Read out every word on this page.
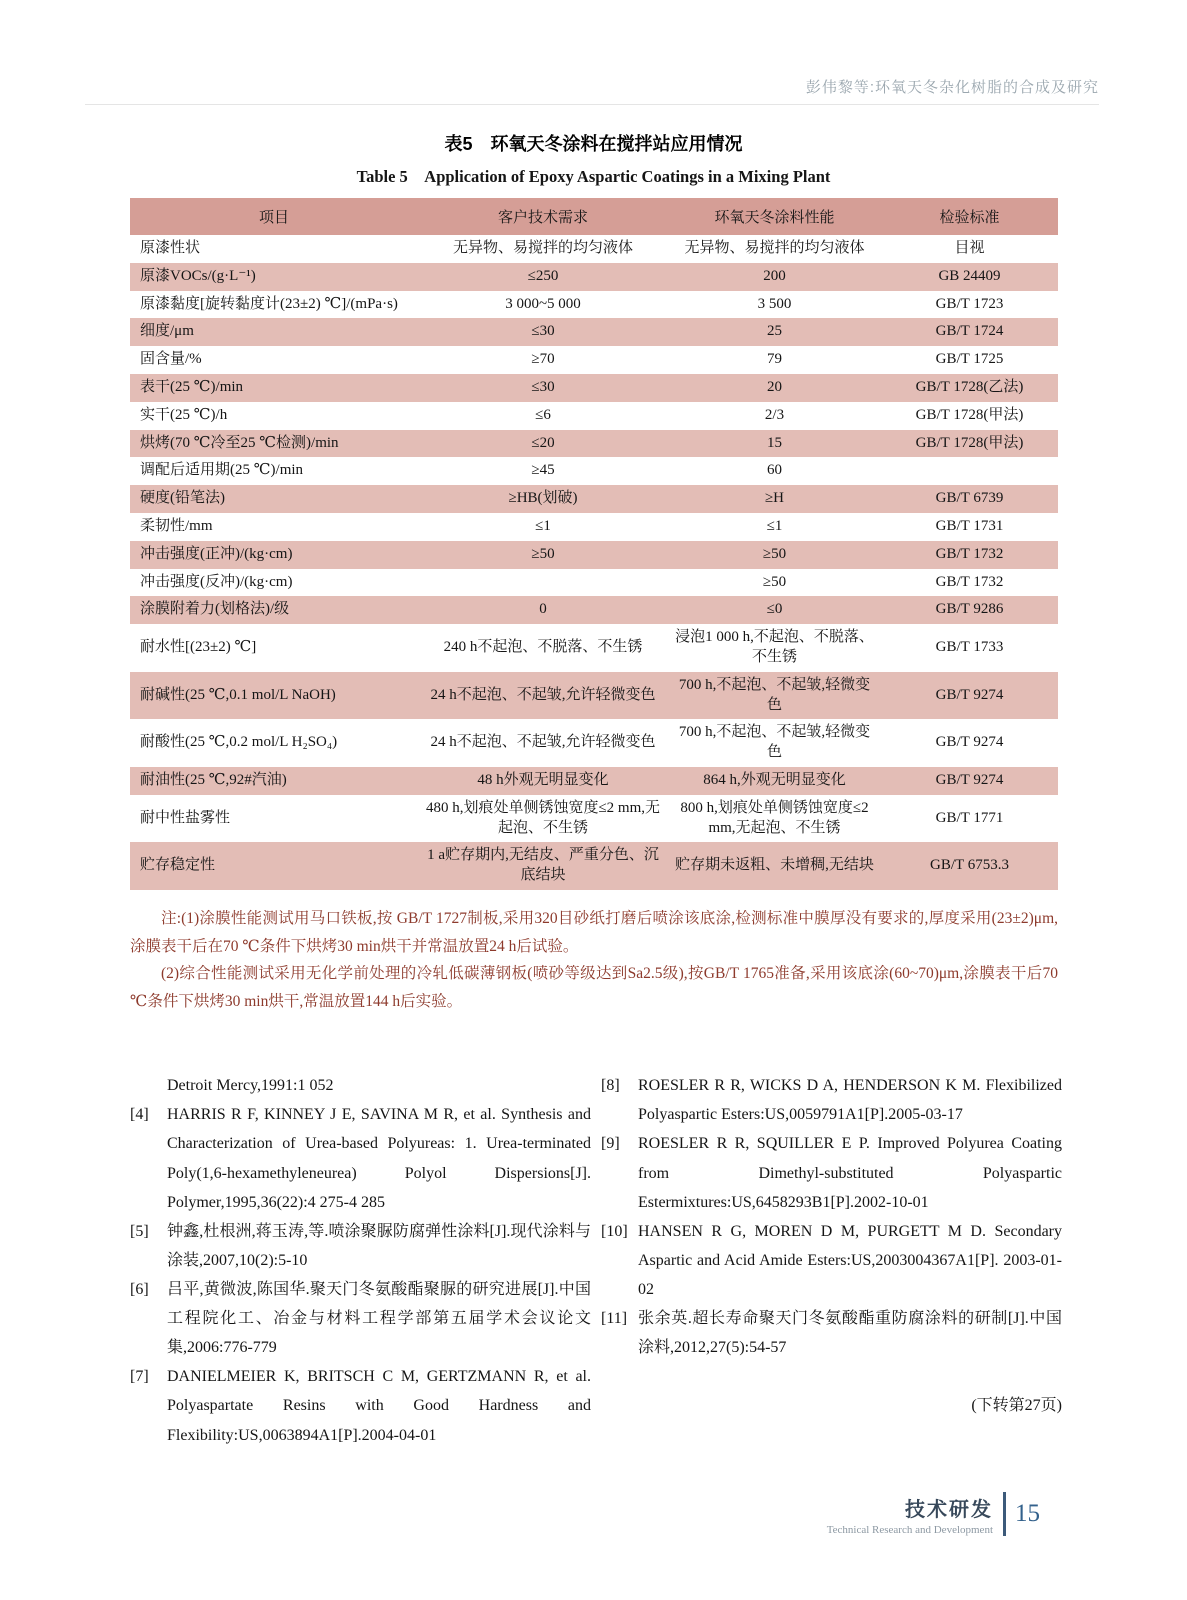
彭伟黎等:环氧天冬杂化树脂的合成及研究
表5　环氧天冬涂料在搅拌站应用情况
Table 5　Application of Epoxy Aspartic Coatings in a Mixing Plant
项目	客户技术需求	环氧天冬涂料性能	检验标准
原漆性状	无异物、易搅拌的均匀液体	无异物、易搅拌的均匀液体	目视
原漆VOCs/(g·L⁻¹)	≤250	200	GB 24409
原漆黏度[旋转黏度计(23±2) ℃]/(mPa·s)	3 000~5 000	3 500	GB/T 1723
细度/μm	≤30	25	GB/T 1724
固含量/%	≥70	79	GB/T 1725
表干(25 ℃)/min	≤30	20	GB/T 1728(乙法)
实干(25 ℃)/h	≤6	2/3	GB/T 1728(甲法)
烘烤(70 ℃冷至25 ℃检测)/min	≤20	15	GB/T 1728(甲法)
调配后适用期(25 ℃)/min	≥45	60	
硬度(铅笔法)	≥HB(划破)	≥H	GB/T 6739
柔韧性/mm	≤1	≤1	GB/T 1731
冲击强度(正冲)/(kg·cm)	≥50	≥50	GB/T 1732
冲击强度(反冲)/(kg·cm)		≥50	GB/T 1732
涂膜附着力(划格法)/级	0	≤0	GB/T 9286
耐水性[(23±2) ℃]	240 h不起泡、不脱落、不生锈	浸泡1 000 h,不起泡、不脱落、不生锈	GB/T 1733
耐碱性(25 ℃,0.1 mol/L NaOH)	24 h不起泡、不起皱,允许轻微变色	700 h,不起泡、不起皱,轻微变色	GB/T 9274
耐酸性(25 ℃,0.2 mol/L H₂SO₄)	24 h不起泡、不起皱,允许轻微变色	700 h,不起泡、不起皱,轻微变色	GB/T 9274
耐油性(25 ℃,92#汽油)	48 h外观无明显变化	864 h,外观无明显变化	GB/T 9274
耐中性盐雾性	480 h,划痕处单侧锈蚀宽度≤2 mm,无起泡、不生锈	800 h,划痕处单侧锈蚀宽度≤2 mm,无起泡、不生锈	GB/T 1771
贮存稳定性	1 a贮存期内,无结皮、严重分色、沉底结块	贮存期未返粗、未增稠,无结块	GB/T 6753.3

注:(1)涂膜性能测试用马口铁板,按 GB/T 1727制板,采用320目砂纸打磨后喷涂该底涂,检测标准中膜厚没有要求的,厚度采用(23±2)μm,涂膜表干后在70 ℃条件下烘烤30 min烘干并常温放置24 h后试验。

(2)综合性能测试采用无化学前处理的冷轧低碳薄钢板(喷砂等级达到Sa2.5级),按GB/T 1765准备,采用该底涂(60~70)μm,涂膜表干后70 ℃条件下烘烤30 min烘干,常温放置144 h后实验。

Detroit Mercy,1991:1 052
[4]	HARRIS R F, KINNEY J E, SAVINA M R, et al. Synthesis and Characterization of Urea-based Polyureas: 1. Urea-terminated Poly(1,6-hexamethyleneurea) Polyol Dispersions[J]. Polymer,1995,36(22):4 275-4 285
[5]	钟鑫,杜根洲,蒋玉涛,等.喷涂聚脲防腐弹性涂料[J].现代涂料与涂装,2007,10(2):5-10
[6]	吕平,黄微波,陈国华.聚天门冬氨酸酯聚脲的研究进展[J].中国工程院化工、冶金与材料工程学部第五届学术会议论文集,2006:776-779
[7]	DANIELMEIER K, BRITSCH C M, GERTZMANN R, et al. Polyaspartate Resins with Good Hardness and Flexibility:US,0063894A1[P].2004-04-01
[8]	ROESLER R R, WICKS D A, HENDERSON K M. Flexibilized Polyaspartic Esters:US,0059791A1[P].2005-03-17
[9]	ROESLER R R, SQUILLER E P. Improved Polyurea Coating from Dimethyl-substituted Polyaspartic Estermixtures:US,6458293B1[P].2002-10-01
[10] HANSEN R G, MOREN D M, PURGETT M D. Secondary Aspartic and Acid Amide Esters:US,2003004367A1[P]. 2003-01-02
[11] 张余英.超长寿命聚天门冬氨酸酯重防腐涂料的研制[J].中国涂料,2012,27(5):54-57
(下转第27页)
技术研发
Technical Research and Development
15
